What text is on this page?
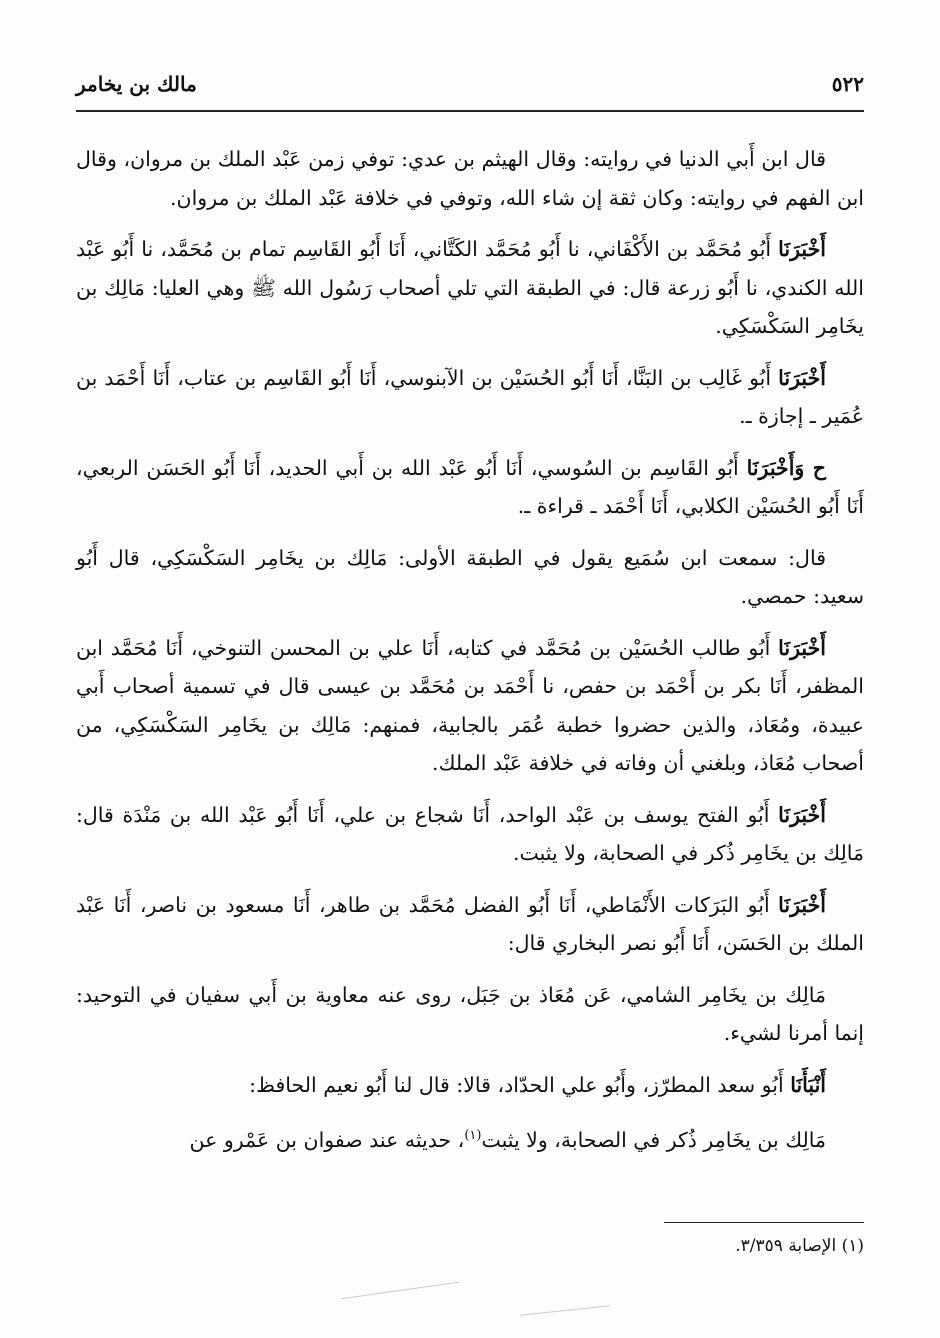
٥٢٢
مالك بن يخامر

قال ابن أَبي الدنيا في روايته: وقال الهيثم بن عدي: توفي زمن عَبْد الملك بن مروان، وقال ابن الفهم في روايته: وكان ثقة إن شاء الله، وتوفي في خلافة عَبْد الملك بن مروان.

أَخْبَرَنَا أَبُو مُحَمَّد بن الأَكْفَاني، نا أَبُو مُحَمَّد الكَتَّاني، أَنَا أَبُو القَاسِم تمام بن مُحَمَّد، نا أَبُو عَبْد الله الكندي، نا أَبُو زرعة قال: في الطبقة التي تلي أصحاب رَسُول الله ﷺ وهي العليا: مَالِك بن يخَامِر السَكْسَكِي.

أَخْبَرَنَا أَبُو غَالِب بن البَنَّا، أَنَا أَبُو الحُسَيْن بن الآبنوسي، أَنَا أَبُو القَاسِم بن عتاب، أَنَا أَحْمَد بن عُمَير ـ إجازة ـ.

ح وَأَخْبَرَنَا أَبُو القَاسِم بن السُوسي، أَنَا أَبُو عَبْد الله بن أَبي الحديد، أَنَا أَبُو الحَسَن الربعي، أَنَا أَبُو الحُسَيْن الكلابي، أَنَا أَحْمَد ـ قراءة ـ.

قال: سمعت ابن سُمَيع يقول في الطبقة الأولى: مَالِك بن يخَامِر السَكْسَكِي، قال أَبُو سعيد: حمصي.

أَخْبَرَنَا أَبُو طالب الحُسَيْن بن مُحَمَّد في كتابه، أَنَا علي بن المحسن التنوخي، أَنَا مُحَمَّد ابن المظفر، أَنَا بكر بن أَحْمَد بن حفص، نا أَحْمَد بن مُحَمَّد بن عيسى قال في تسمية أصحاب أَبي عبيدة، ومُعَاذ، والذين حضروا خطبة عُمَر بالجابية، فمنهم: مَالِك بن يخَامِر السَكْسَكِي، من أصحاب مُعَاذ، وبلغني أن وفاته في خلافة عَبْد الملك.

أَخْبَرَنَا أَبُو الفتح يوسف بن عَبْد الواحد، أَنَا شجاع بن علي، أَنَا أَبُو عَبْد الله بن مَنْدَة قال: مَالِك بن يخَامِر ذُكر في الصحابة، ولا يثبت.

أَخْبَرَنَا أَبُو البَرَكات الأَنْمَاطي، أَنَا أَبُو الفضل مُحَمَّد بن طاهر، أَنَا مسعود بن ناصر، أَنَا عَبْد الملك بن الحَسَن، أَنَا أَبُو نصر البخاري قال:

مَالِك بن يخَامِر الشامي، عَن مُعَاذ بن جَبَل، روى عنه معاوية بن أَبي سفيان في التوحيد: إنما أمرنا لشيء.

أَنْبَأَنَا أَبُو سعد المطرّز، وأَبُو علي الحدّاد، قالا: قال لنا أَبُو نعيم الحافظ:

مَالِك بن يخَامِر ذُكر في الصحابة، ولا يثبت$^{(١)}$، حديثه عند صفوان بن عَمْرو عن

(١) الإصابة ٣/٣٥٩.
